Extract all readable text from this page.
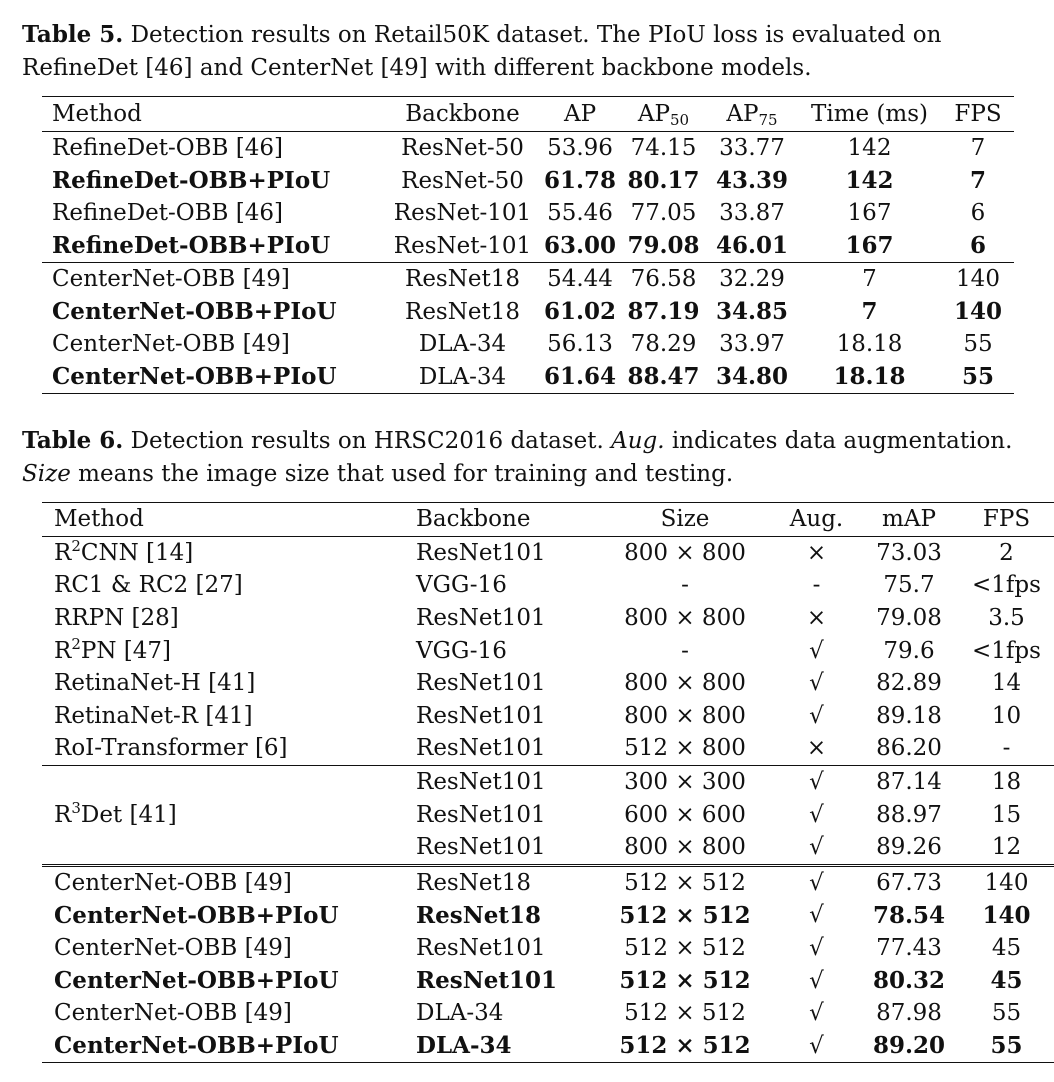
Table 5. Detection results on Retail50K dataset. The PIoU loss is evaluated on RefineDet [46] and CenterNet [49] with different backbone models.

Method	Backbone	AP	$AP_{50}$	$AP_{75}$	Time (ms)	FPS
RefineDet-OBB [46]	ResNet-50	53.96	74.15	33.77	142	7
RefineDet-OBB+PIoU	ResNet-50	61.78	80.17	43.39	142	7
RefineDet-OBB [46]	ResNet-101	55.46	77.05	33.87	167	6
RefineDet-OBB+PIoU	ResNet-101	63.00	79.08	46.01	167	6
CenterNet-OBB [49]	ResNet18	54.44	76.58	32.29	7	140
CenterNet-OBB+PIoU	ResNet18	61.02	87.19	34.85	7	140
CenterNet-OBB [49]	DLA-34	56.13	78.29	33.97	18.18	55
CenterNet-OBB+PIoU	DLA-34	61.64	88.47	34.80	18.18	55

Table 6. Detection results on HRSC2016 dataset. Aug. indicates data augmentation.
Size means the image size that used for training and testing.

Method	Backbone	Size	Aug.	mAP	FPS
$R^2CNN$ [14]	ResNet101	800 × 800	×	73.03	2
RC1 & RC2 [27]	VGG-16	-	-	75.7	<1fps
RRPN [28]	ResNet101	800 × 800	×	79.08	3.5
$R^2PN$ [47]	VGG-16	-	√	79.6	<1fps
RetinaNet-H [41]	ResNet101	800 × 800	√	82.89	14
RetinaNet-R [41]	ResNet101	800 × 800	√	89.18	10
RoI-Transformer [6]	ResNet101	512 × 800	×	86.20	-
$R^3Det$ [41]	ResNet101	300 × 300	√	87.14	18
	ResNet101	600 × 600	√	88.97	15
	ResNet101	800 × 800	√	89.26	12
CenterNet-OBB [49]	ResNet18	512 × 512	√	67.73	140
CenterNet-OBB+PIoU	ResNet18	512 × 512	√	78.54	140
CenterNet-OBB [49]	ResNet101	512 × 512	√	77.43	45
CenterNet-OBB+PIoU	ResNet101	512 × 512	√	80.32	45
CenterNet-OBB [49]	DLA-34	512 × 512	√	87.98	55
CenterNet-OBB+PIoU	DLA-34	512 × 512	√	89.20	55
